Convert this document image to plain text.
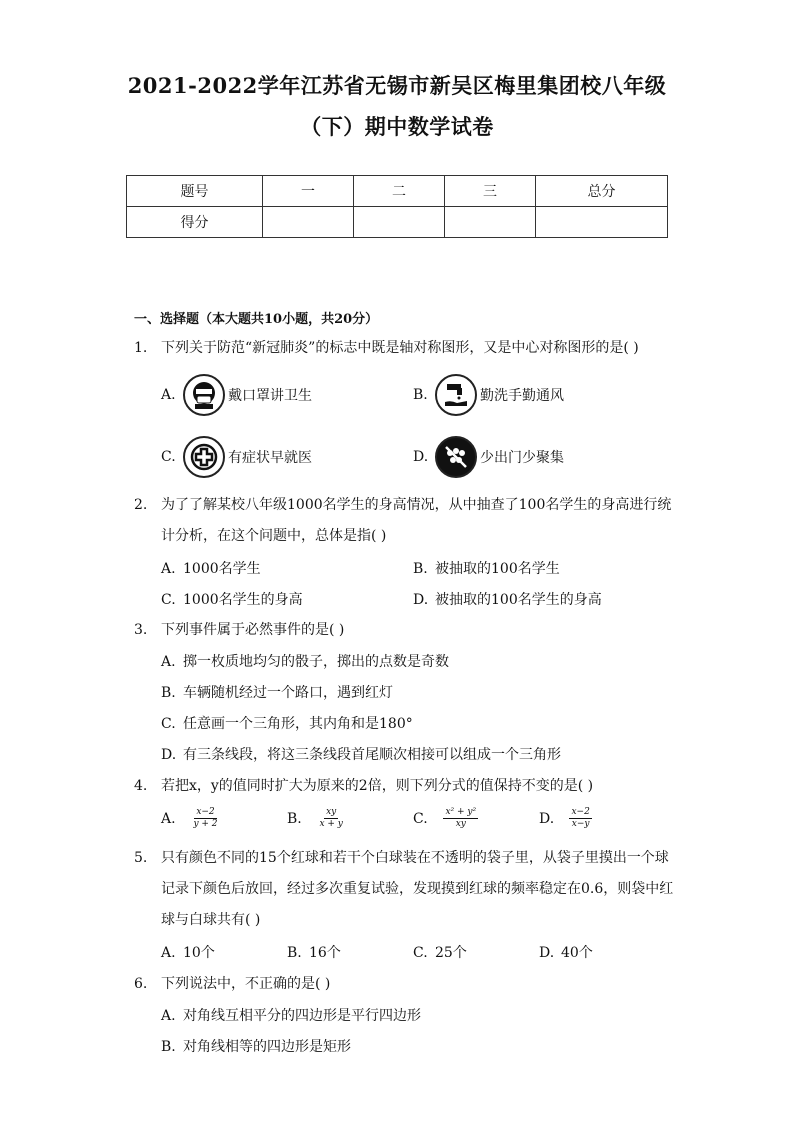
2021-2022学年江苏省无锡市新吴区梅里集团校八年级
（下）期中数学试卷
题号	一	二	三	总分
得分				
一、选择题（本大题共10小题，共20分）
1. 下列关于防范“新冠肺炎”的标志中既是轴对称图形，又是中心对称图形的是( )
A.	戴口罩讲卫生	B.	勤洗手勤通风
C.	有症状早就医	D.	少出门少聚集
2. 为了了解某校八年级1000名学生的身高情况，从中抽查了100名学生的身高进行统计分析，在这个问题中，总体是指( )
A. 1000名学生	B. 被抽取的100名学生
C. 1000名学生的身高	D. 被抽取的100名学生的身高
3. 下列事件属于必然事件的是( )
A. 掷一枚质地均匀的骰子，掷出的点数是奇数
B. 车辆随机经过一个路口，遇到红灯
C. 任意画一个三角形，其内角和是180°
D. 有三条线段，将这三条线段首尾顺次相接可以组成一个三角形
4. 若把x，y的值同时扩大为原来的2倍，则下列分式的值保持不变的是( )
A. $\frac{x-2}{y + 2}$	B. $\frac{xy}{x + y}$	C. $\frac{\text{x² + y²}}{xy}$	D. $\frac{x-2}{x-y}$
5. 只有颜色不同的15个红球和若干个白球装在不透明的袋子里，从袋子里摸出一个球记录下颜色后放回，经过多次重复试验，发现摸到红球的频率稳定在0.6，则袋中红球与白球共有( )
A. 10个	B. 16个	C. 25个	D. 40个
6. 下列说法中，不正确的是( )
A. 对角线互相平分的四边形是平行四边形
B. 对角线相等的四边形是矩形
